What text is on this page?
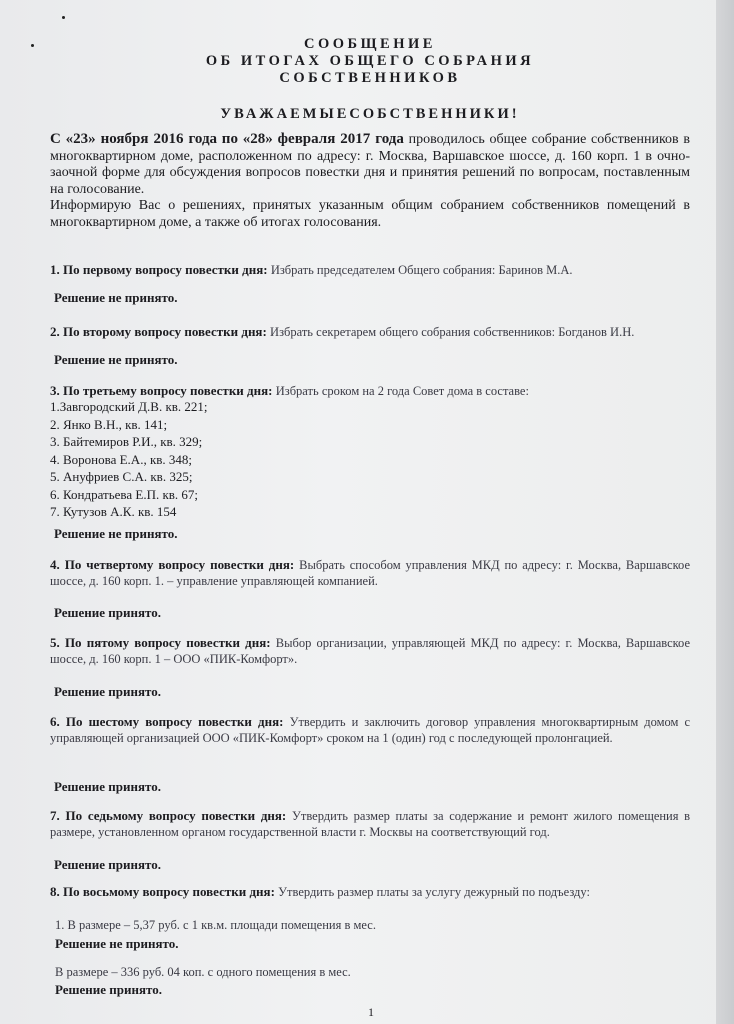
СООБЩЕНИЕ
ОБ ИТОГАХ ОБЩЕГО СОБРАНИЯ
СОБСТВЕННИКОВ
УВАЖАЕМЫЕСОБСТВЕННИКИ!
С «23» ноября 2016 года по «28» февраля 2017 года проводилось общее собрание собственников в многоквартирном доме, расположенном по адресу: г. Москва, Варшавское шоссе, д. 160 корп. 1 в очно-заочной форме для обсуждения вопросов повестки дня и принятия решений по вопросам, поставленным на голосование.
Информирую Вас о решениях, принятых указанным общим собранием собственников помещений в многоквартирном доме, а также об итогах голосования.
1. По первому вопросу повестки дня: Избрать председателем Общего собрания: Баринов М.А.
Решение не принято.
2. По второму вопросу повестки дня: Избрать секретарем общего собрания собственников: Богданов И.Н.
Решение не принято.
3. По третьему вопросу повестки дня: Избрать сроком на 2 года Совет дома в составе:
1.Завгородский Д.В. кв. 221;
2. Янко В.Н., кв. 141;
3. Байтемиров Р.И., кв. 329;
4. Воронова Е.А., кв. 348;
5. Ануфриев С.А. кв. 325;
6. Кондратьева Е.П. кв. 67;
7. Кутузов А.К. кв. 154
Решение не принято.
4. По четвертому вопросу повестки дня: Выбрать способом управления МКД по адресу: г. Москва, Варшавское шоссе, д. 160 корп. 1. – управление управляющей компанией.
Решение принято.
5. По пятому вопросу повестки дня: Выбор организации, управляющей МКД по адресу: г. Москва, Варшавское шоссе, д. 160 корп. 1 – ООО «ПИК-Комфорт».
Решение принято.
6. По шестому вопросу повестки дня: Утвердить и заключить договор управления многоквартирным домом с управляющей организацией ООО «ПИК-Комфорт» сроком на 1 (один) год с последующей пролонгацией.
Решение принято.
7. По седьмому вопросу повестки дня: Утвердить размер платы за содержание и ремонт жилого помещения в размере, установленном органом государственной власти г. Москвы на соответствующий год.
Решение принято.
8. По восьмому вопросу повестки дня: Утвердить размер платы за услугу дежурный по подъезду:
1. В размере – 5,37 руб. с 1 кв.м. площади помещения в мес.
Решение не принято.
В размере – 336 руб. 04 коп. с одного помещения в мес.
Решение принято.
1
